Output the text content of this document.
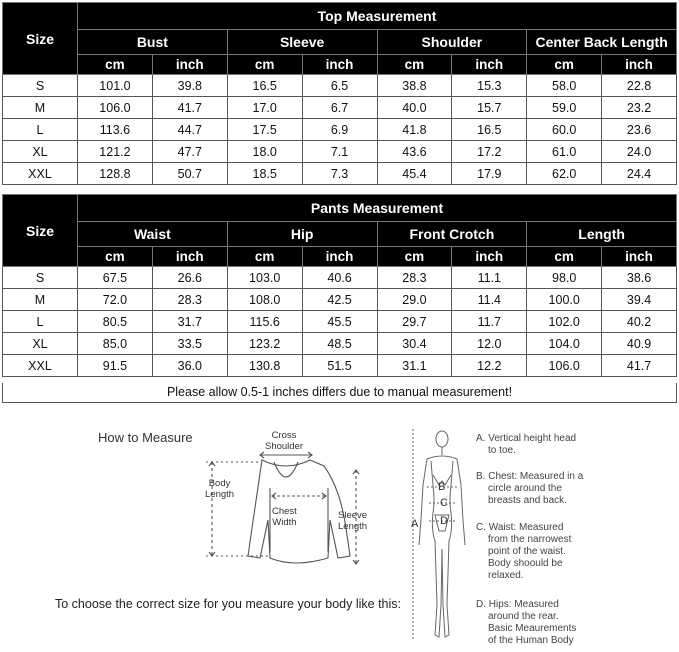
Size	Top Measurement							
	Bust		Sleeve		Shoulder		Center Back Length	
	cm	inch	cm	inch	cm	inch	cm	inch
S	101.0	39.8	16.5	6.5	38.8	15.3	58.0	22.8
M	106.0	41.7	17.0	6.7	40.0	15.7	59.0	23.2
L	113.6	44.7	17.5	6.9	41.8	16.5	60.0	23.6
XL	121.2	47.7	18.0	7.1	43.6	17.2	61.0	24.0
XXL	128.8	50.7	18.5	7.3	45.4	17.9	62.0	24.4
Size	Pants Measurement							
	Waist		Hip		Front Crotch		Length	
	cm	inch	cm	inch	cm	inch	cm	inch
S	67.5	26.6	103.0	40.6	28.3	11.1	98.0	38.6
M	72.0	28.3	108.0	42.5	29.0	11.4	100.0	39.4
L	80.5	31.7	115.6	45.5	29.7	11.7	102.0	40.2
XL	85.0	33.5	123.2	48.5	30.4	12.0	104.0	40.9
XXL	91.5	36.0	130.8	51.5	31.1	12.2	106.0	41.7
Please allow 0.5-1 inches differs due to manual measurement!
How to Measure	Cross
Shoulder
Body
Length
Chest
Width
Sleeve
Length
To choose the correct size for you measure your body like this:
A
B
C
D
A. Vertical height head
to toe.
B. Chest: Measured in a
circle around the
breasts and back.
C. Waist: Measured
from the narrowest
point of the waist.
Body shoould be
relaxed.
D. Hips: Measured
around the rear.
Basic Meaurements
of the Human Body
